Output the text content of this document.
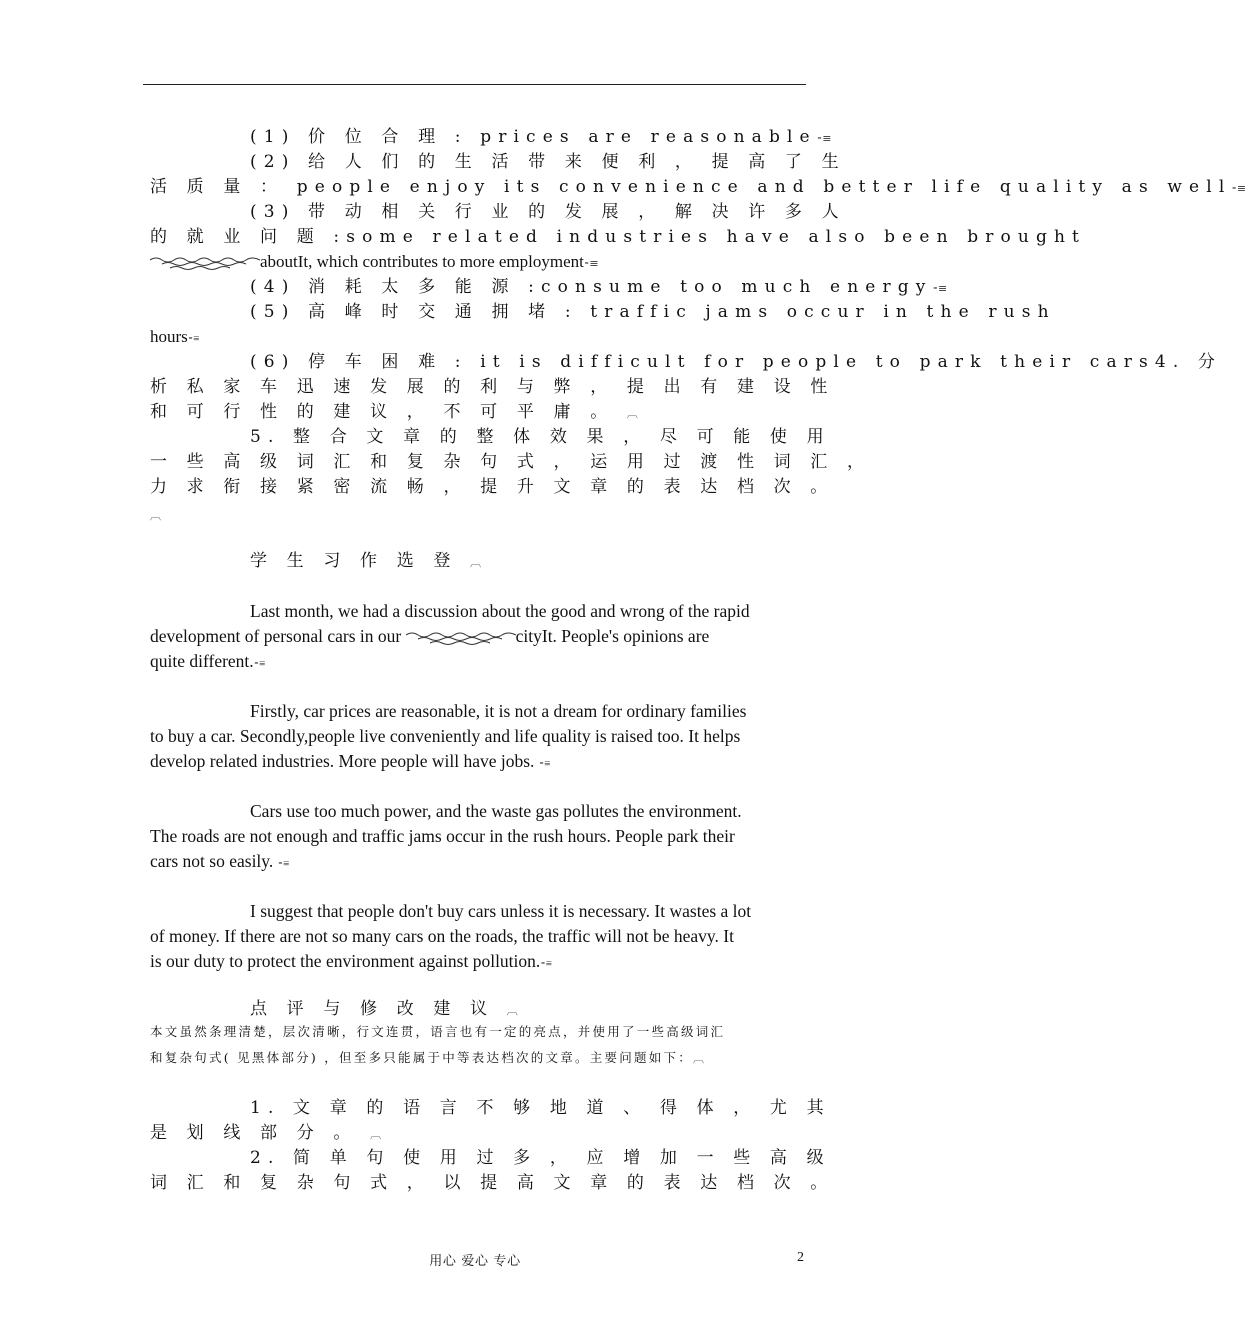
(1) 价 位 合 理 : prices are reasonable⁃≡
(2) 给 人 们 的 生 活 带 来 便 利 ， 提 高 了 生
活 质 量 ： people enjoy its convenience and better life quality as well⁃≡
(3) 带 动 相 关 行 业 的 发 展 ， 解 决 许 多 人
的 就 业 问 题 :some related industries have also been brought
aboutIt, which contributes to more employment⁃≡
(4) 消 耗 太 多 能 源 :consume too much energy⁃≡
(5) 高 峰 时 交 通 拥 堵 : traffic jams occur in the rush
hours⁃≡
(6) 停 车 困 难 : it is difficult for people to park their cars4. 分
析 私 家 车 迅 速 发 展 的 利 与 弊 ， 提 出 有 建 设 性
和 可 行 性 的 建 议 ， 不 可 平 庸 。 ︹
5. 整 合 文 章 的 整 体 效 果 ， 尽 可 能 使 用
一 些 高 级 词 汇 和 复 杂 句 式 ， 运 用 过 渡 性 词 汇 ，
力 求 衔 接 紧 密 流 畅 ， 提 升 文 章 的 表 达 档 次 。
︹
学 生 习 作 选 登 ︹
Last month, we had a discussion about the good and wrong of the rapid
development of personal cars in our	cityIt. People's opinions are
quite different.⁃≡
Firstly, car prices are reasonable, it is not a dream for ordinary families
to buy a car. Secondly,people live conveniently and life quality is raised too. It helps
develop related industries. More people will have jobs. ⁃≡
Cars use too much power, and the waste gas pollutes the environment.
The roads are not enough and traffic jams occur in the rush hours. People park their
cars not so easily. ⁃≡
I suggest that people don't buy cars unless it is necessary. It wastes a lot
of money. If there are not so many cars on the roads, the traffic will not be heavy. It
is our duty to protect the environment against pollution.⁃≡
点 评 与 修 改 建 议 ︹
本文虽然条理清楚，层次清晰，行文连贯，语言也有一定的亮点，并使用了一些高级词汇
和复杂句式( 见黑体部分) ，但至多只能属于中等表达档次的文章。主要问题如下：︹
1. 文 章 的 语 言 不 够 地 道 、 得 体 ， 尤 其
是 划 线 部 分 。 ︹
2. 简 单 句 使 用 过 多 ， 应 增 加 一 些 高 级
词 汇 和 复 杂 句 式 ， 以 提 高 文 章 的 表 达 档 次 。
用心 爱心 专心	2
